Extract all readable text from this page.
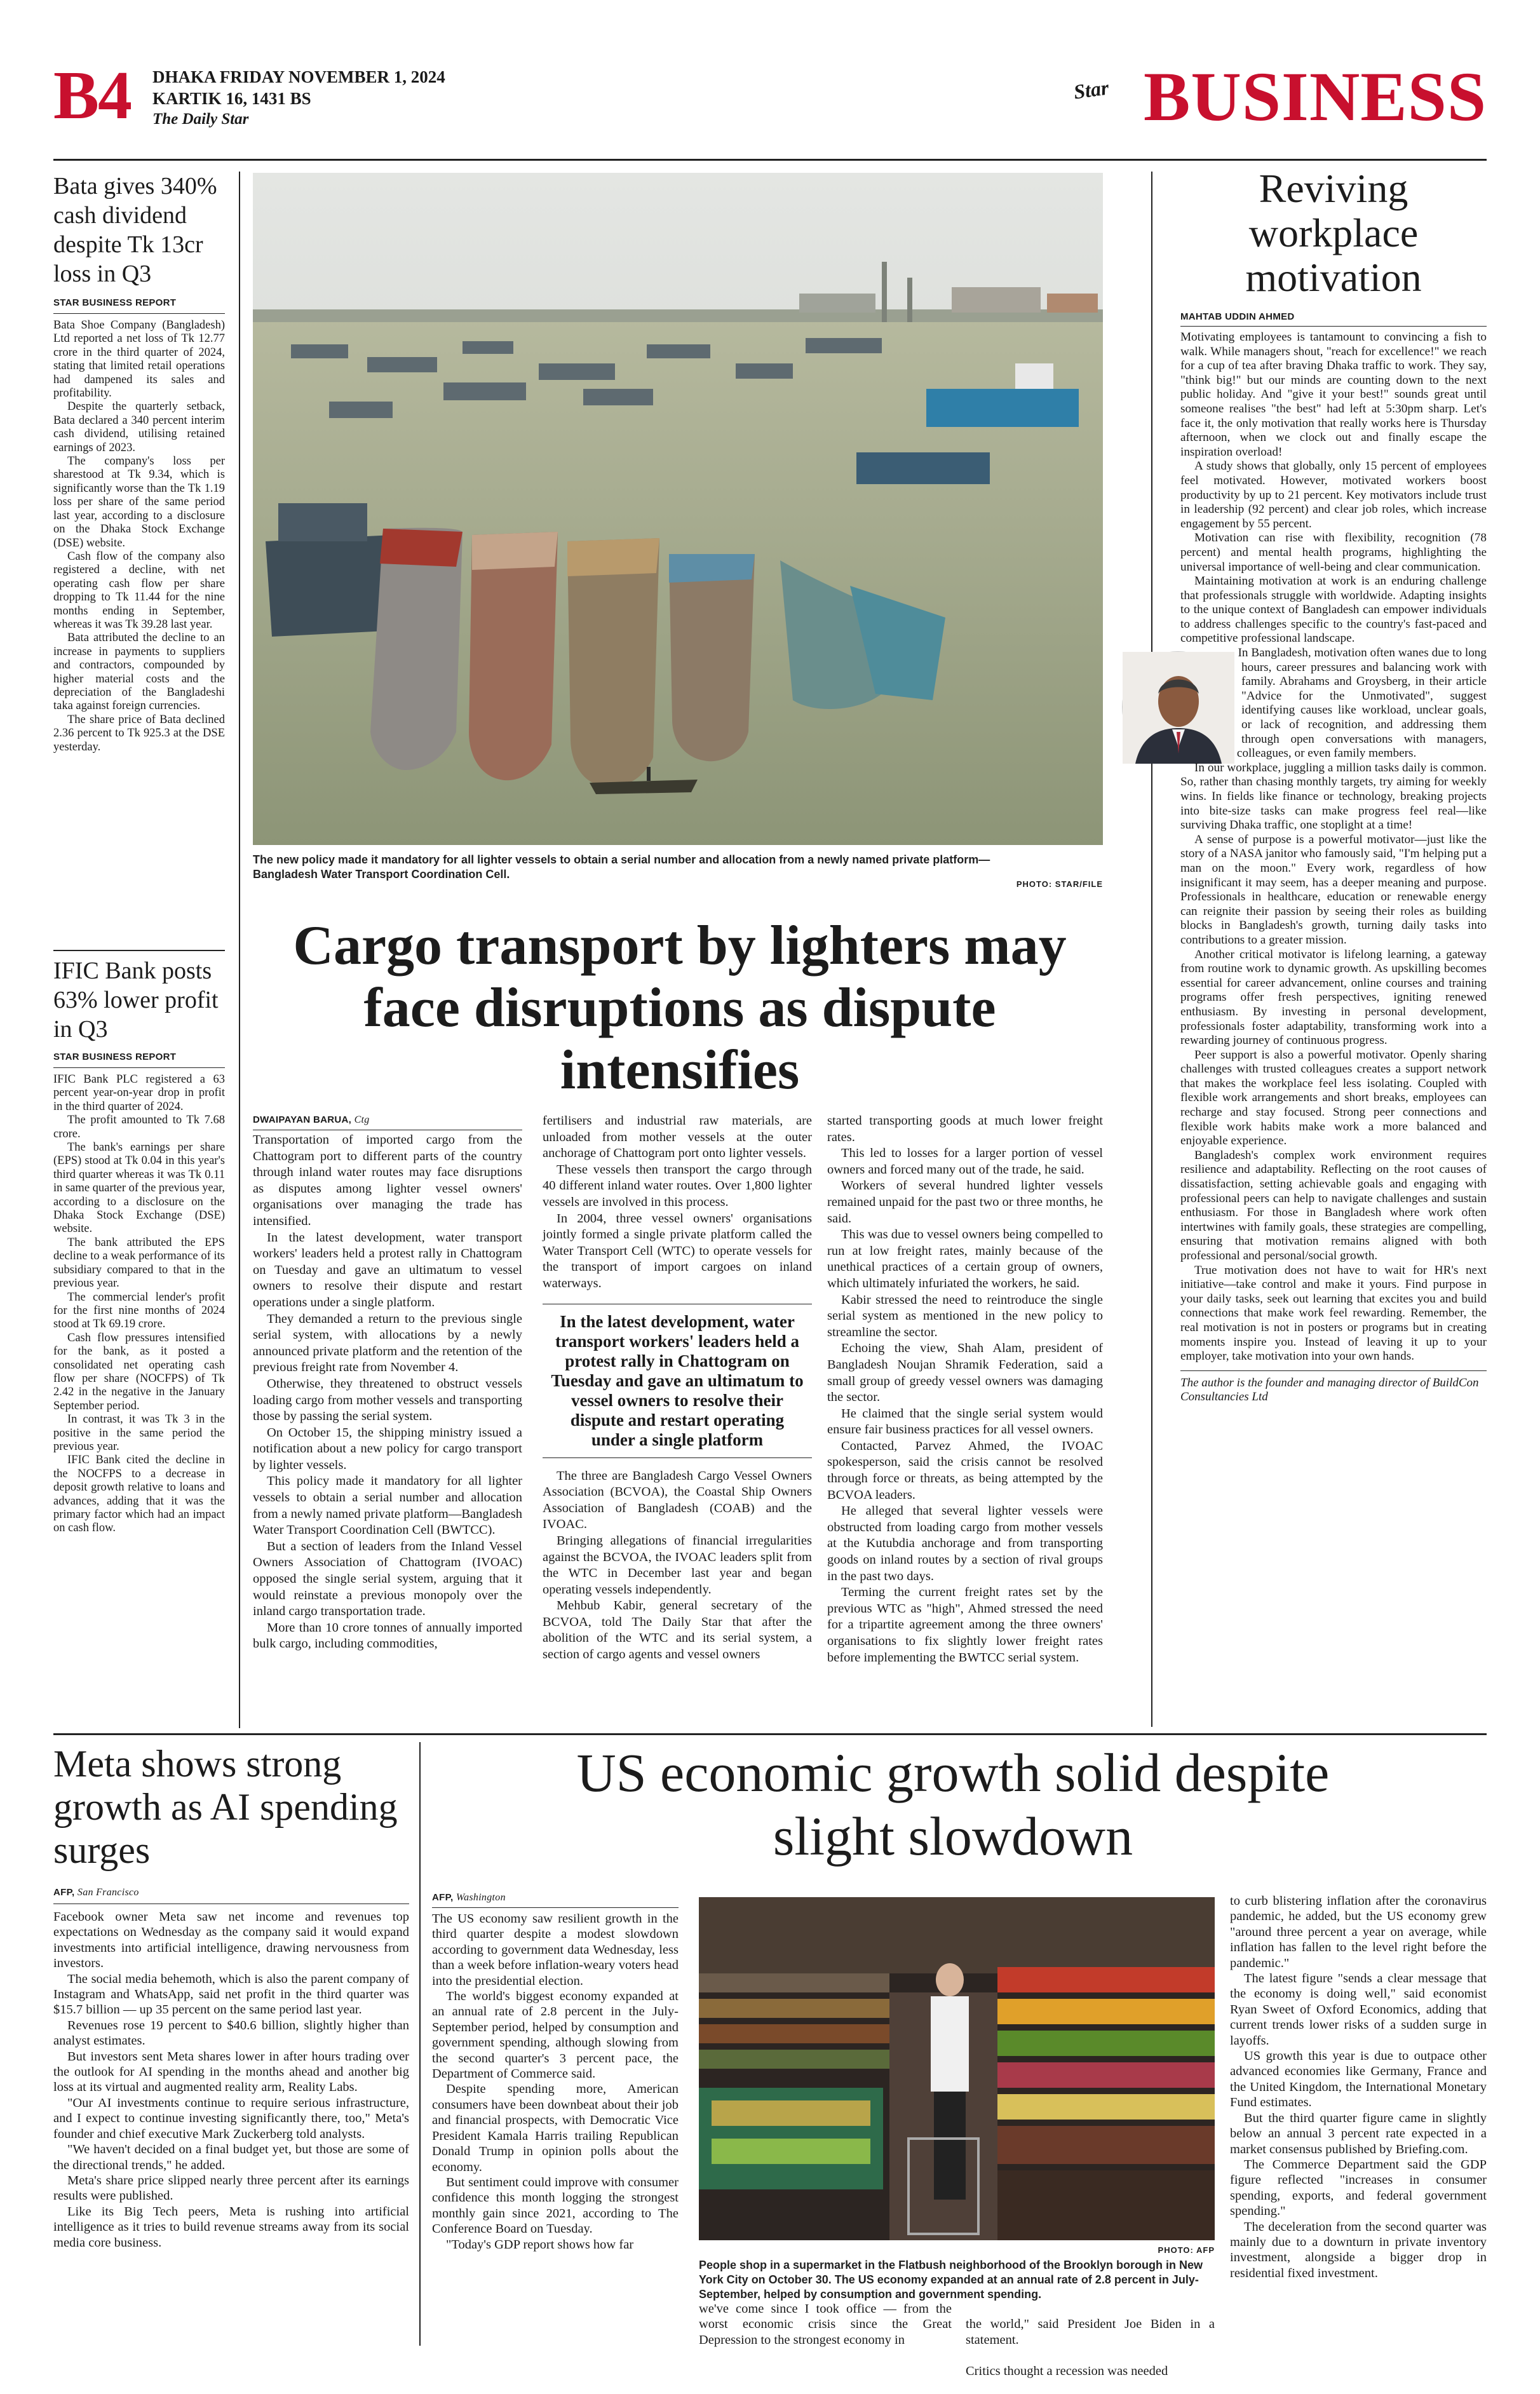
B4 DHAKA FRIDAY NOVEMBER 1, 2024
KARTIK 16, 1431 BS
The Daily Star
Star BUSINESS
Bata gives 340% cash dividend despite Tk 13cr loss in Q3
STAR BUSINESS REPORT

Bata Shoe Company (Bangladesh) Ltd reported a net loss of Tk 12.77 crore in the third quarter of 2024, stating that limited retail operations had dampened its sales and profitability.

Despite the quarterly setback, Bata declared a 340 percent interim cash dividend, utilising retained earnings of 2023.

The company's loss per sharestood at Tk 9.34, which is significantly worse than the Tk 1.19 loss per share of the same period last year, according to a disclosure on the Dhaka Stock Exchange (DSE) website.

Cash flow of the company also registered a decline, with net operating cash flow per share dropping to Tk 11.44 for the nine months ending in September, whereas it was Tk 39.28 last year.

Bata attributed the decline to an increase in payments to suppliers and contractors, compounded by higher material costs and the depreciation of the Bangladeshi taka against foreign currencies.

The share price of Bata declined 2.36 percent to Tk 925.3 at the DSE yesterday.

IFIC Bank posts 63% lower profit in Q3
STAR BUSINESS REPORT

IFIC Bank PLC registered a 63 percent year-on-year drop in profit in the third quarter of 2024.

The profit amounted to Tk 7.68 crore.

The bank's earnings per share (EPS) stood at Tk 0.04 in this year's third quarter whereas it was Tk 0.11 in same quarter of the previous year, according to a disclosure on the Dhaka Stock Exchange (DSE) website.

The bank attributed the EPS decline to a weak performance of its subsidiary compared to that in the previous year.

The commercial lender's profit for the first nine months of 2024 stood at Tk 69.19 crore.

Cash flow pressures intensified for the bank, as it posted a consolidated net operating cash flow per share (NOCFPS) of Tk 2.42 in the negative in the January September period.

In contrast, it was Tk 3 in the positive in the same period the previous year.

IFIC Bank cited the decline in the NOCFPS to a decrease in deposit growth relative to loans and advances, adding that it was the primary factor which had an impact on cash flow.

The new policy made it mandatory for all lighter vessels to obtain a serial number and allocation from a newly named private platform—Bangladesh Water Transport Coordination Cell.
PHOTO: STAR/FILE
Cargo transport by lighters may face disruptions as dispute intensifies
DWAIPAYAN BARUA, Ctg

Transportation of imported cargo from the Chattogram port to different parts of the country through inland water routes may face disruptions as disputes among lighter vessel owners' organisations over managing the trade has intensified.

In the latest development, water transport workers' leaders held a protest rally in Chattogram on Tuesday and gave an ultimatum to vessel owners to resolve their dispute and restart operations under a single platform.

They demanded a return to the previous single serial system, with allocations by a newly announced private platform and the retention of the previous freight rate from November 4.

Otherwise, they threatened to obstruct vessels loading cargo from mother vessels and transporting those by passing the serial system.

On October 15, the shipping ministry issued a notification about a new policy for cargo transport by lighter vessels.

This policy made it mandatory for all lighter vessels to obtain a serial number and allocation from a newly named private platform—Bangladesh Water Transport Coordination Cell (BWTCC).

But a section of leaders from the Inland Vessel Owners Association of Chattogram (IVOAC) opposed the single serial system, arguing that it would reinstate a previous monopoly over the inland cargo transportation trade.

More than 10 crore tonnes of annually imported bulk cargo, including commodities,

fertilisers and industrial raw materials, are unloaded from mother vessels at the outer anchorage of Chattogram port onto lighter vessels.

These vessels then transport the cargo through 40 different inland water routes. Over 1,800 lighter vessels are involved in this process.

In 2004, three vessel owners' organisations jointly formed a single private platform called the Water Transport Cell (WTC) to operate vessels for the transport of import cargoes on inland waterways.

In the latest development, water transport workers' leaders held a protest rally in Chattogram on Tuesday and gave an ultimatum to vessel owners to resolve their dispute and restart operating under a single platform

The three are Bangladesh Cargo Vessel Owners Association (BCVOA), the Coastal Ship Owners Association of Bangladesh (COAB) and the IVOAC.

Bringing allegations of financial irregularities against the BCVOA, the IVOAC leaders split from the WTC in December last year and began operating vessels independently.

Mehbub Kabir, general secretary of the BCVOA, told The Daily Star that after the abolition of the WTC and its serial system, a section of cargo agents and vessel owners

started transporting goods at much lower freight rates.

This led to losses for a larger portion of vessel owners and forced many out of the trade, he said.

Workers of several hundred lighter vessels remained unpaid for the past two or three months, he said.

This was due to vessel owners being compelled to run at low freight rates, mainly because of the unethical practices of a certain group of owners, which ultimately infuriated the workers, he said.

Kabir stressed the need to reintroduce the single serial system as mentioned in the new policy to streamline the sector.

Echoing the view, Shah Alam, president of Bangladesh Noujan Shramik Federation, said a small group of greedy vessel owners was damaging the sector.

He claimed that the single serial system would ensure fair business practices for all vessel owners.

Contacted, Parvez Ahmed, the IVOAC spokesperson, said the crisis cannot be resolved through force or threats, as being attempted by the BCVOA leaders.

He alleged that several lighter vessels were obstructed from loading cargo from mother vessels at the Kutubdia anchorage and from transporting goods on inland routes by a section of rival groups in the past two days.

Terming the current freight rates set by the previous WTC as "high", Ahmed stressed the need for a tripartite agreement among the three owners' organisations to fix slightly lower freight rates before implementing the BWTCC serial system.

Reviving workplace motivation
MAHTAB UDDIN AHMED

Motivating employees is tantamount to convincing a fish to walk. While managers shout, "reach for excellence!" we reach for a cup of tea after braving Dhaka traffic to work. They say, "think big!" but our minds are counting down to the next public holiday. And "give it your best!" sounds great until someone realises "the best" had left at 5:30pm sharp. Let's face it, the only motivation that really works here is Thursday afternoon, when we clock out and finally escape the inspiration overload!

A study shows that globally, only 15 percent of employees feel motivated. However, motivated workers boost productivity by up to 21 percent. Key motivators include trust in leadership (92 percent) and clear job roles, which increase engagement by 55 percent.

Motivation can rise with flexibility, recognition (78 percent) and mental health programs, highlighting the universal importance of well-being and clear communication.

Maintaining motivation at work is an enduring challenge that professionals struggle with worldwide. Adapting insights to the unique context of Bangladesh can empower individuals to address challenges specific to the country's fast-paced and competitive professional landscape.

In Bangladesh, motivation often wanes due to long hours, career pressures and balancing work with family. Abrahams and Groysberg, in their article "Advice for the Unmotivated", suggest identifying causes like workload, unclear goals, or lack of recognition, and addressing them through open conversations with managers, colleagues, or even family members.

In our workplace, juggling a million tasks daily is common. So, rather than chasing monthly targets, try aiming for weekly wins. In fields like finance or technology, breaking projects into bite-size tasks can make progress feel real—like surviving Dhaka traffic, one stoplight at a time!

A sense of purpose is a powerful motivator—just like the story of a NASA janitor who famously said, "I'm helping put a man on the moon." Every work, regardless of how insignificant it may seem, has a deeper meaning and purpose. Professionals in healthcare, education or renewable energy can reignite their passion by seeing their roles as building blocks in Bangladesh's growth, turning daily tasks into contributions to a greater mission.

Another critical motivator is lifelong learning, a gateway from routine work to dynamic growth. As upskilling becomes essential for career advancement, online courses and training programs offer fresh perspectives, igniting renewed enthusiasm. By investing in personal development, professionals foster adaptability, transforming work into a rewarding journey of continuous progress.

Peer support is also a powerful motivator. Openly sharing challenges with trusted colleagues creates a support network that makes the workplace feel less isolating. Coupled with flexible work arrangements and short breaks, employees can recharge and stay focused. Strong peer connections and flexible work habits make work a more balanced and enjoyable experience.

Bangladesh's complex work environment requires resilience and adaptability. Reflecting on the root causes of dissatisfaction, setting achievable goals and engaging with professional peers can help to navigate challenges and sustain enthusiasm. For those in Bangladesh where work often intertwines with family goals, these strategies are compelling, ensuring that motivation remains aligned with both professional and personal/social growth.

True motivation does not have to wait for HR's next initiative—take control and make it yours. Find purpose in your daily tasks, seek out learning that excites you and build connections that make work feel rewarding. Remember, the real motivation is not in posters or programs but in creating moments inspire you. Instead of leaving it up to your employer, take motivation into your own hands.

The author is the founder and managing director of BuildCon Consultancies Ltd
Meta shows strong growth as AI spending surges
AFP, San Francisco

Facebook owner Meta saw net income and revenues top expectations on Wednesday as the company said it would expand investments into artificial intelligence, drawing nervousness from investors.

The social media behemoth, which is also the parent company of Instagram and WhatsApp, said net profit in the third quarter was $15.7 billion — up 35 percent on the same period last year.

Revenues rose 19 percent to $40.6 billion, slightly higher than analyst estimates.

But investors sent Meta shares lower in after hours trading over the outlook for AI spending in the months ahead and another big loss at its virtual and augmented reality arm, Reality Labs.

"Our AI investments continue to require serious infrastructure, and I expect to continue investing significantly there, too," Meta's founder and chief executive Mark Zuckerberg told analysts.

"We haven't decided on a final budget yet, but those are some of the directional trends," he added.

Meta's share price slipped nearly three percent after its earnings results were published.

Like its Big Tech peers, Meta is rushing into artificial intelligence as it tries to build revenue streams away from its social media core business.

US economic growth solid despite slight slowdown
AFP, Washington

The US economy saw resilient growth in the third quarter despite a modest slowdown according to government data Wednesday, less than a week before inflation-weary voters head into the presidential election.

The world's biggest economy expanded at an annual rate of 2.8 percent in the July-September period, helped by consumption and government spending, although slowing from the second quarter's 3 percent pace, the Department of Commerce said.

Despite spending more, American consumers have been downbeat about their job and financial prospects, with Democratic Vice President Kamala Harris trailing Republican Donald Trump in opinion polls about the economy.

But sentiment could improve with consumer confidence this month logging the strongest monthly gain since 2021, according to The Conference Board on Tuesday.

"Today's GDP report shows how far	PHOTO: AFP
People shop in a supermarket in the Flatbush neighborhood of the Brooklyn borough in New York City on October 30. The US economy expanded at an annual rate of 2.8 percent in July-September, helped by consumption and government spending.

we've come since I took office — from the worst economic crisis since the Great Depression to the strongest economy in

the world," said President Joe Biden in a statement.

Critics thought a recession was needed

to curb blistering inflation after the coronavirus pandemic, he added, but the US economy grew "around three percent a year on average, while inflation has fallen to the level right before the pandemic."

The latest figure "sends a clear message that the economy is doing well," said economist Ryan Sweet of Oxford Economics, adding that current trends lower risks of a sudden surge in layoffs.

US growth this year is due to outpace other advanced economies like Germany, France and the United Kingdom, the International Monetary Fund estimates.

But the third quarter figure came in slightly below an annual 3 percent rate expected in a market consensus published by Briefing.com.

The Commerce Department said the GDP figure reflected "increases in consumer spending, exports, and federal government spending."

The deceleration from the second quarter was mainly due to a downturn in private inventory investment, alongside a bigger drop in residential fixed investment.
